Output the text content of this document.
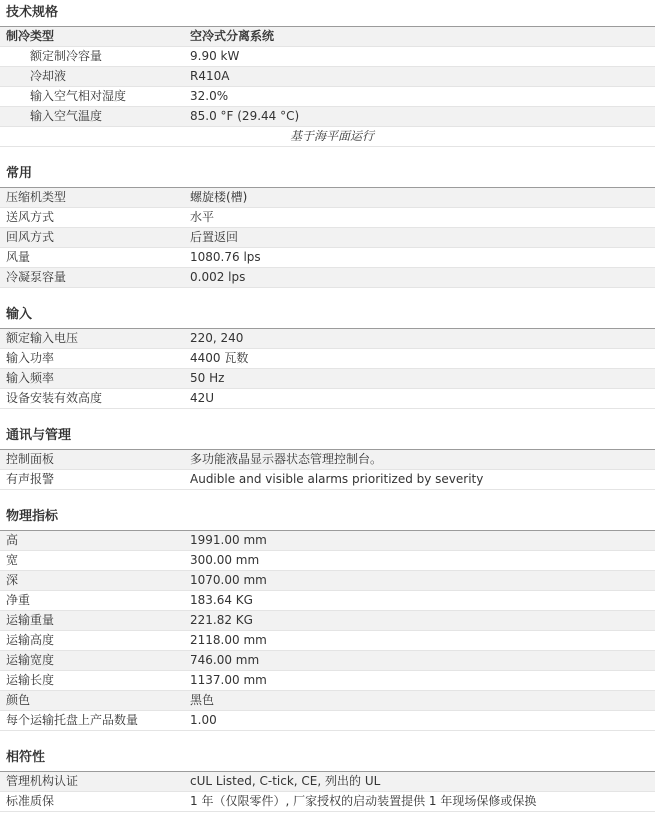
技术规格
制冷类型	空冷式分离系统
额定制冷容量	9.90 kW
冷却液	R410A
输入空气相对湿度	32.0%
输入空气温度	85.0 °F (29.44 °C)
基于海平面运行
常用
压缩机类型	螺旋楼(槽)
送风方式	水平
回风方式	后置返回
风量	1080.76 lps
冷凝泵容量	0.002 lps
输入
额定输入电压	220, 240
输入功率	4400 瓦数
输入频率	50 Hz
设备安装有效高度	42U
通讯与管理
控制面板	多功能液晶显示器状态管理控制台。
有声报警	Audible and visible alarms prioritized by severity
物理指标
高	1991.00 mm
宽	300.00 mm
深	1070.00 mm
净重	183.64 KG
运输重量	221.82 KG
运输高度	2118.00 mm
运输宽度	746.00 mm
运输长度	1137.00 mm
颜色	黑色
每个运输托盘上产品数量	1.00
相符性
管理机构认证	cUL Listed, C-tick, CE, 列出的 UL
标准质保	1 年（仅限零件）, 厂家授权的启动装置提供 1 年现场保修或保换
